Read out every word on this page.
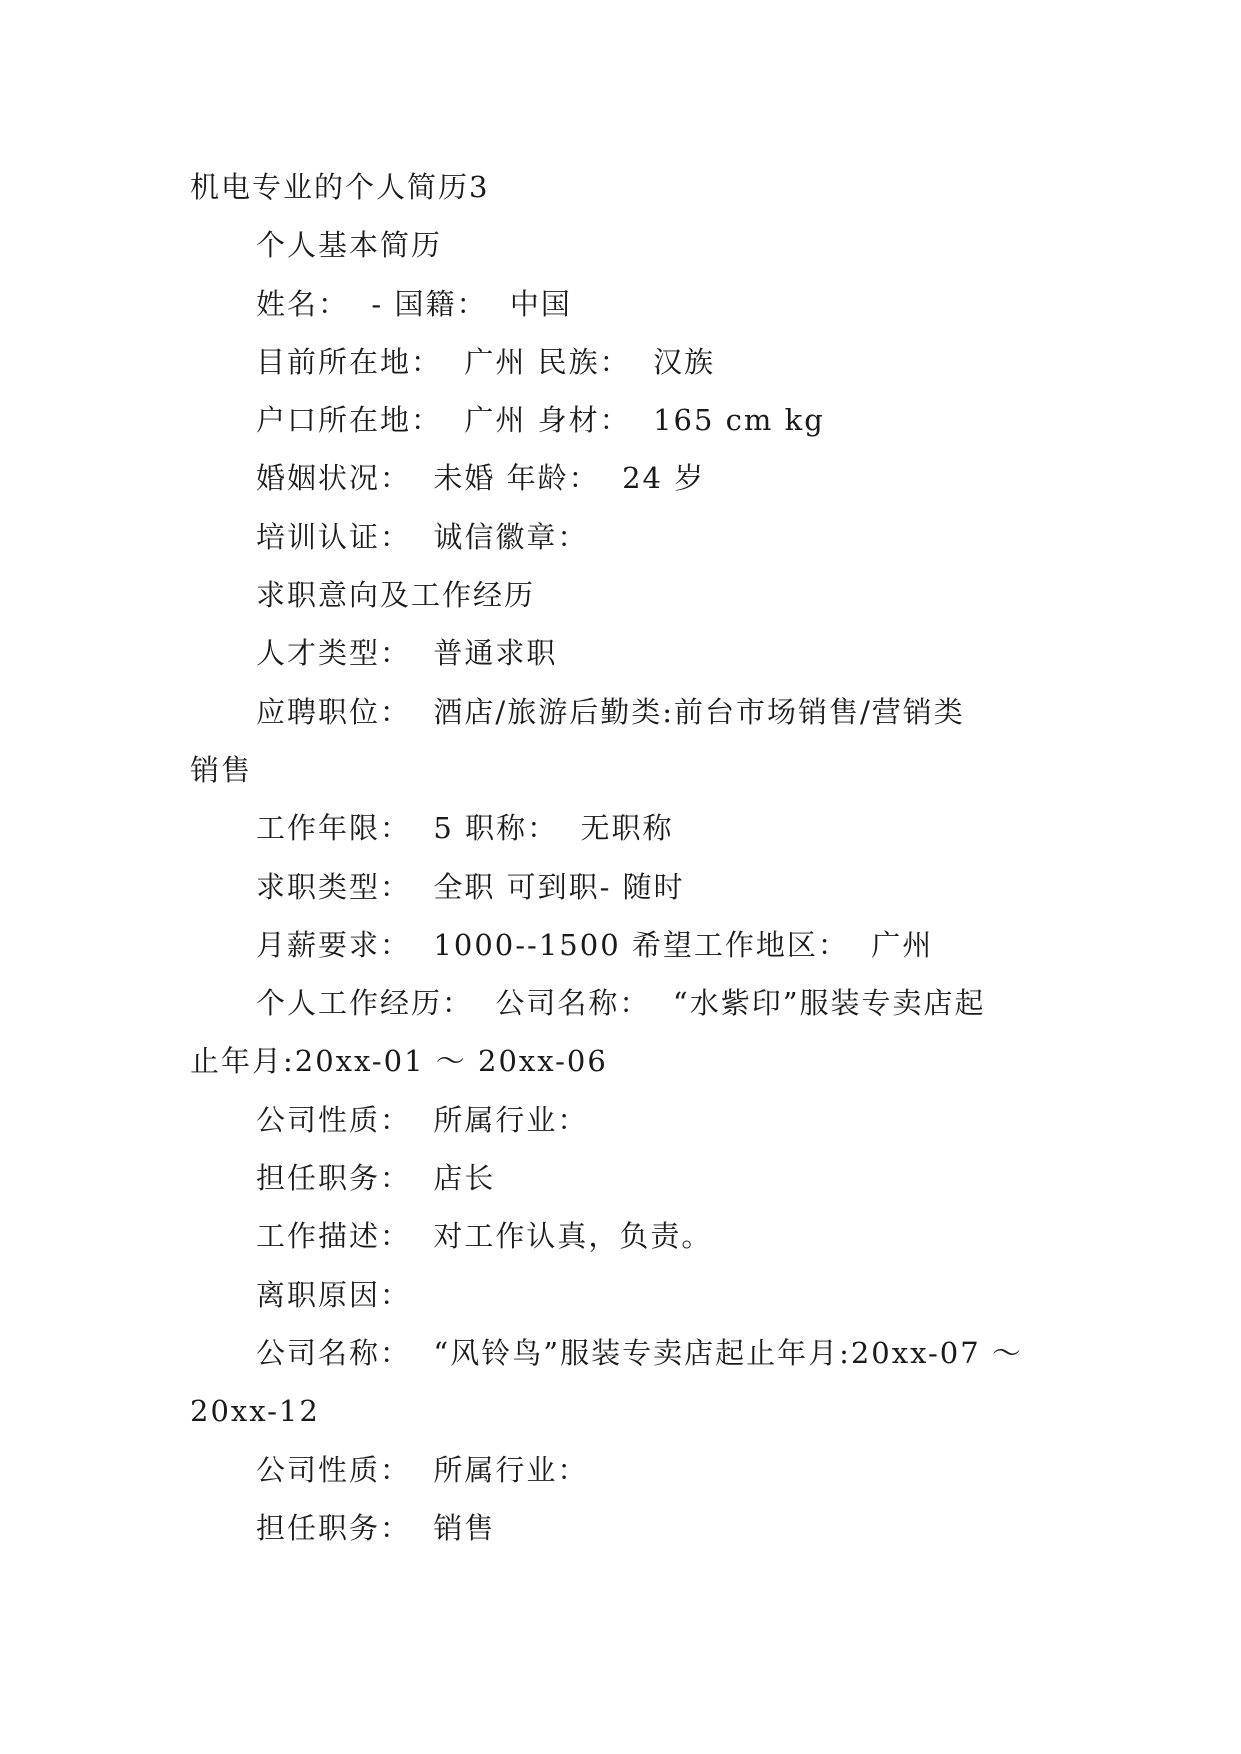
机电专业的个人简历3

个人基本简历

姓名：  - 国籍：  中国

目前所在地：  广州 民族：  汉族

户口所在地：  广州 身材：  165 cm kg

婚姻状况：  未婚 年龄：  24 岁

培训认证：  诚信徽章：

求职意向及工作经历

人才类型：  普通求职

应聘职位：  酒店/旅游后勤类:前台市场销售/营销类

销售

工作年限：  5 职称：  无职称

求职类型：  全职 可到职- 随时

月薪要求：  1000--1500 希望工作地区：  广州

个人工作经历：  公司名称：  “水紫印”服装专卖店起

止年月:20xx-01 ～ 20xx-06

公司性质：  所属行业：

担任职务：  店长

工作描述：  对工作认真，负责。

离职原因：

公司名称：  “风铃鸟”服装专卖店起止年月:20xx-07 ～

20xx-12

公司性质：  所属行业：

担任职务：  销售
